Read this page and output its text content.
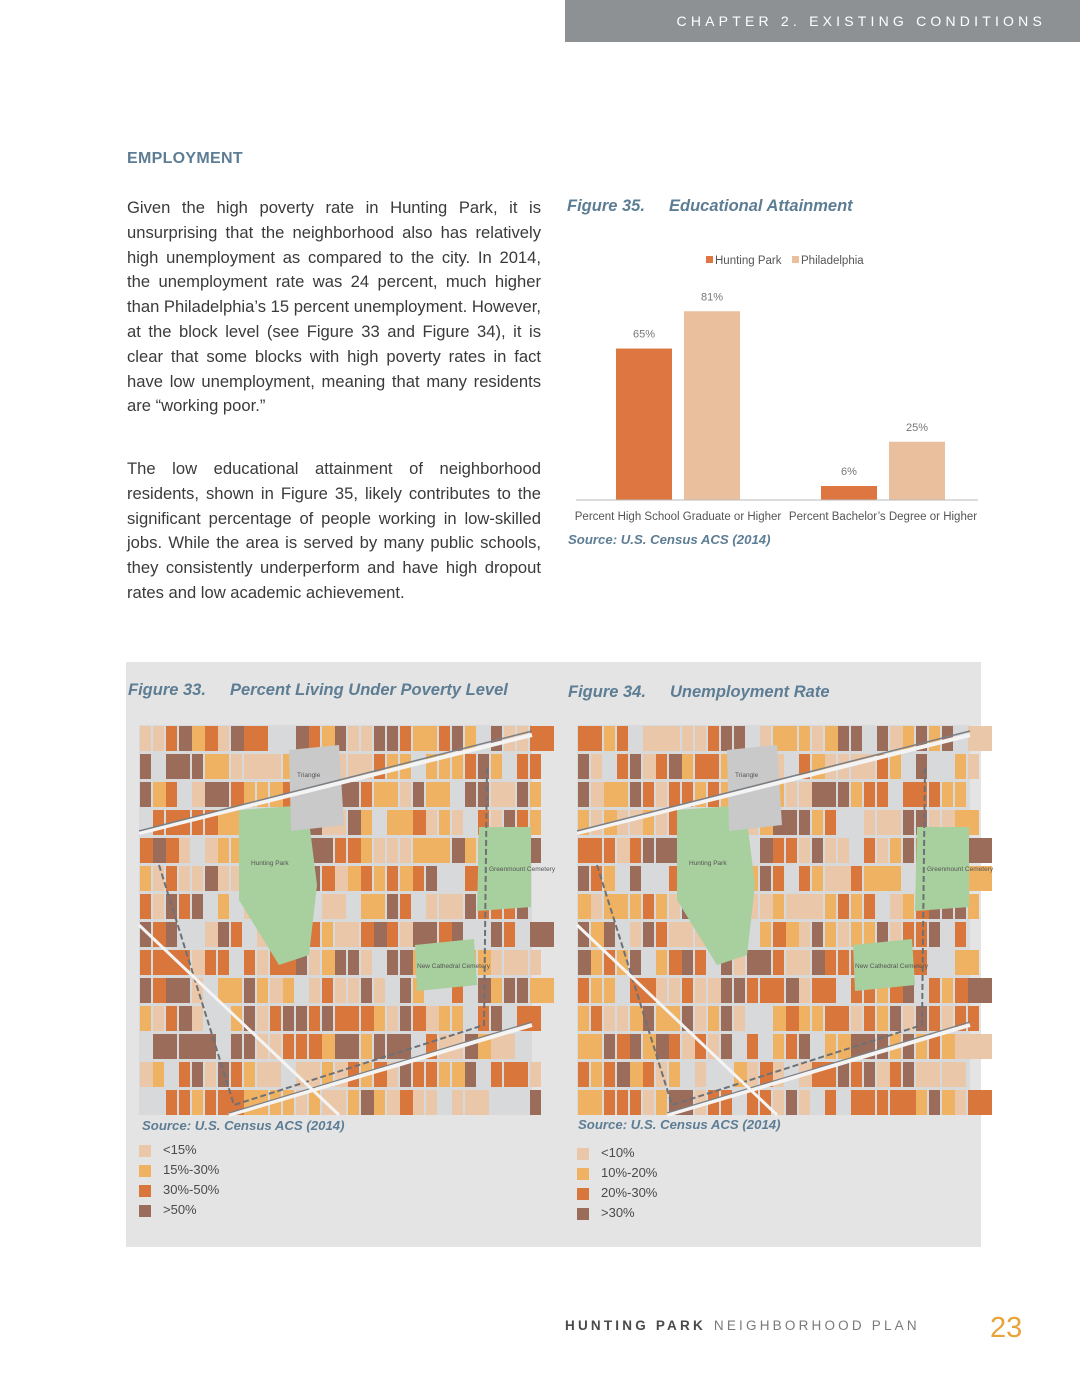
CHAPTER 2. EXISTING CONDITIONS
EMPLOYMENT

Given the high poverty rate in Hunting Park, it is unsurprising that the neighborhood also has relatively high unemployment as compared to the city. In 2014, the unemployment rate was 24 percent, much higher than Philadelphia’s 15 percent unemployment. However, at the block level (see Figure 33 and Figure 34), it is clear that some blocks with high poverty rates in fact have low unemployment, meaning that many residents are “working poor.”

The low educational attainment of neighborhood residents, shown in Figure 35, likely contributes to the significant percentage of people working in low-skilled jobs. While the area is served by many public schools, they consistently underperform and have high dropout rates and low academic achievement.

Figure 35. Educational Attainment
Hunting Park Philadelphia
65%
81%
Percent High School Graduate or Higher
6%
25%
Percent Bachelor’s Degree or Higher
Source: U.S. Census ACS (2014)
Figure 33. Percent Living Under Poverty Level	Figure 34. Unemployment Rate
Triangle
Hunting Park
Greenmount Cemetery
New Cathedral Cemetery
Triangle
Hunting Park
Greenmount Cemetery
New Cathedral Cemetery
Source: U.S. Census ACS (2014)	Source: U.S. Census ACS (2014)
<15%
15%-30%
30%-50%
>50%
<10%
10%-20%
20%-30%
>30%
HUNTING PARK NEIGHBORHOOD PLAN 23
